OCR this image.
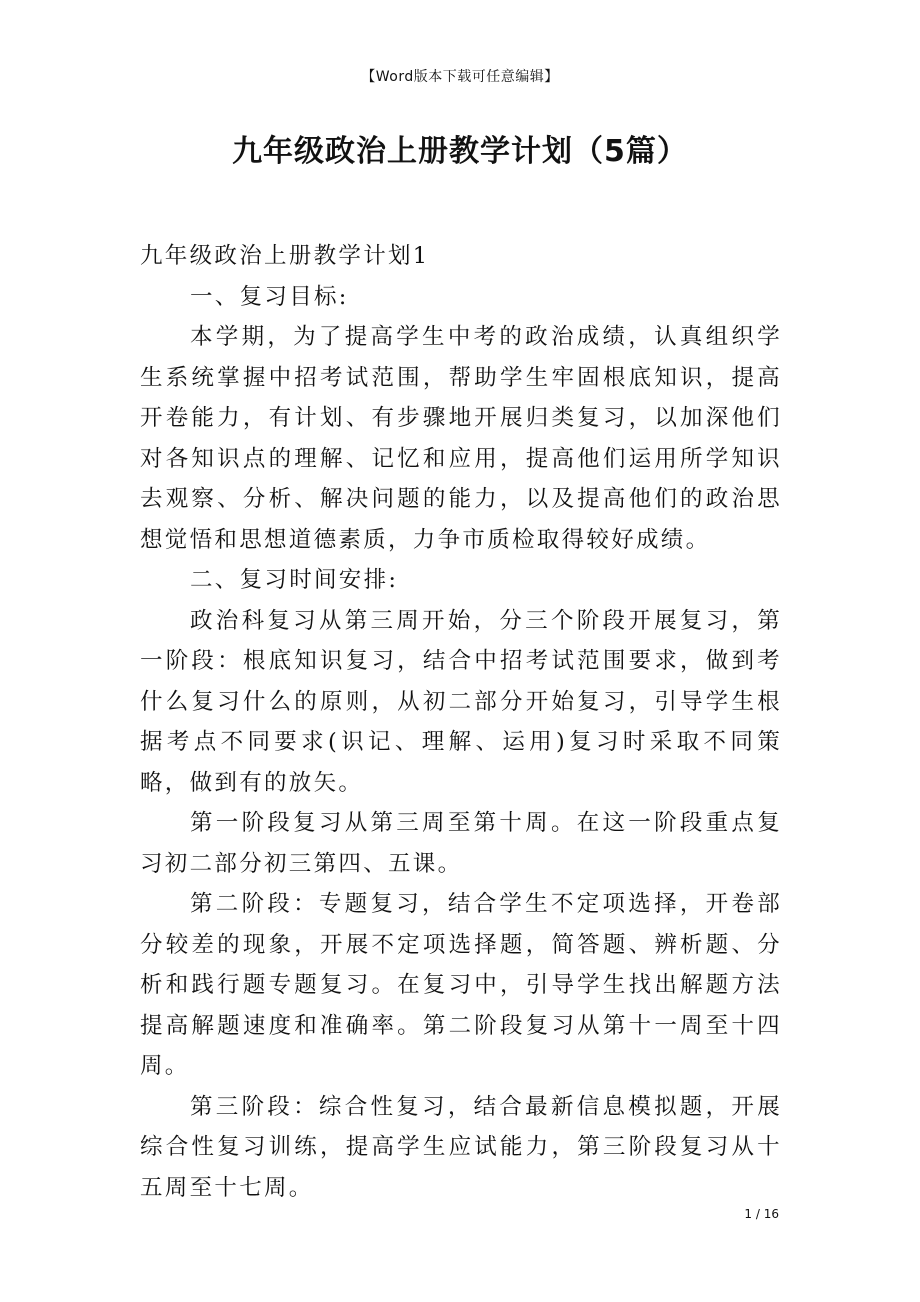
【Word版本下载可任意编辑】
九年级政治上册教学计划（5篇）

九年级政治上册教学计划1

一、复习目标:

本学期，为了提高学生中考的政治成绩，认真组织学生系统掌握中招考试范围，帮助学生牢固根底知识，提高开卷能力，有计划、有步骤地开展归类复习，以加深他们对各知识点的理解、记忆和应用，提高他们运用所学知识去观察、分析、解决问题的能力，以及提高他们的政治思想觉悟和思想道德素质，力争市质检取得较好成绩。

二、复习时间安排:

政治科复习从第三周开始，分三个阶段开展复习，第一阶段：根底知识复习，结合中招考试范围要求，做到考什么复习什么的原则，从初二部分开始复习，引导学生根据考点不同要求(识记、理解、运用)复习时采取不同策略，做到有的放矢。

第一阶段复习从第三周至第十周。在这一阶段重点复习初二部分初三第四、五课。

第二阶段：专题复习，结合学生不定项选择，开卷部分较差的现象，开展不定项选择题，简答题、辨析题、分析和践行题专题复习。在复习中，引导学生找出解题方法提高解题速度和准确率。第二阶段复习从第十一周至十四周。

第三阶段：综合性复习，结合最新信息模拟题，开展综合性复习训练，提高学生应试能力，第三阶段复习从十五周至十七周。

1 / 16
